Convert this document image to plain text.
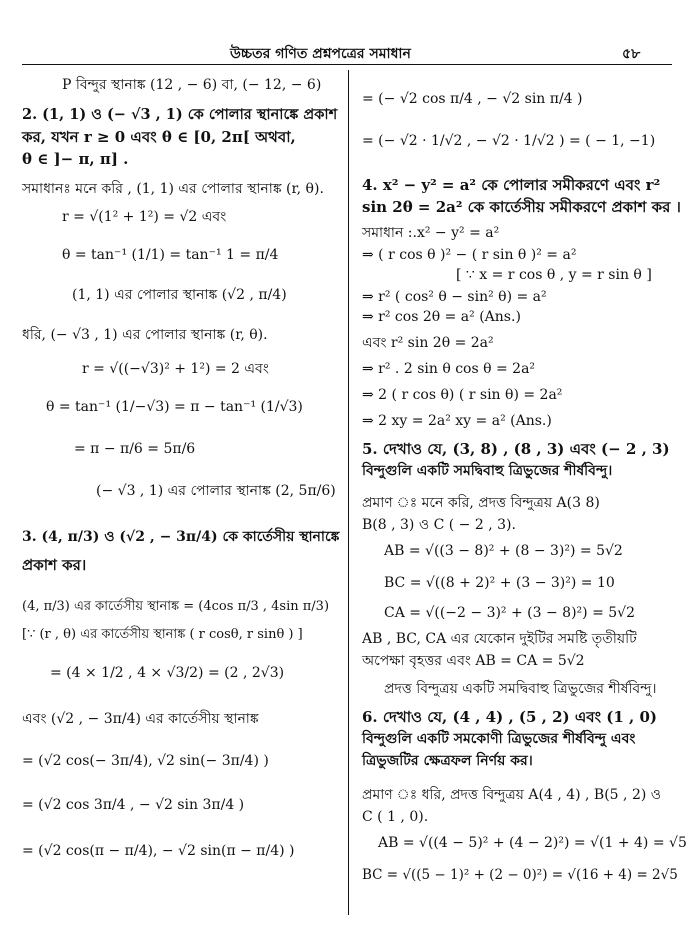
উচ্চতর গণিত প্রশ্নপত্রের সমাধান	৫৮
P বিন্দুর স্থানাঙ্ক (12 , − 6) বা, (− 12, − 6)
2. (1, 1) ও (− √3 , 1) কে পোলার স্থানাঙ্কে প্রকাশ
কর, যখন r ≥ 0 এবং θ ∈ [0, 2π[ অথবা,
θ ∈ ]− π, π] .
সমাধানঃ মনে করি , (1, 1) এর পোলার স্থানাঙ্ক (r, θ).
r = √(1² + 1²) = √2 এবং
θ = tan⁻¹ (1/1) = tan⁻¹ 1 = π/4
(1, 1) এর পোলার স্থানাঙ্ক (√2 , π/4)
ধরি, (− √3 , 1) এর পোলার স্থানাঙ্ক (r, θ).
r = √((−√3)² + 1²) = 2 এবং
θ = tan⁻¹ (1/−√3) = π − tan⁻¹ (1/√3)
= π − π/6 = 5π/6
(− √3 , 1) এর পোলার স্থানাঙ্ক (2, 5π/6)
3. (4, π/3) ও (√2 , − 3π/4) কে কার্তেসীয় স্থানাঙ্কে
প্রকাশ কর।
(4, π/3) এর কার্তেসীয় স্থানাঙ্ক = (4cos π/3 , 4sin π/3)
[∵ (r , θ) এর কার্তেসীয় স্থানাঙ্ক ( r cosθ, r sinθ ) ]
= (4 × 1/2 , 4 × √3/2) = (2 , 2√3)
এবং (√2 , − 3π/4) এর কার্তেসীয় স্থানাঙ্ক
= (√2 cos(− 3π/4), √2 sin(− 3π/4) )
= (√2 cos 3π/4 , − √2 sin 3π/4 )
= (√2 cos(π − π/4), − √2 sin(π − π/4) )
= (− √2 cos π/4 , − √2 sin π/4 )
= (− √2 · 1/√2 , − √2 · 1/√2 ) = ( − 1, −1)
4. x² − y² = a² কে পোলার সমীকরণে এবং r²
sin 2θ = 2a² কে কার্তেসীয় সমীকরণে প্রকাশ কর ।
সমাধান :.x² − y² = a²
⇒ ( r cos θ )² − ( r sin θ )² = a²
[ ∵ x = r cos θ , y = r sin θ ]
⇒ r² ( cos² θ − sin² θ) = a²
⇒ r² cos 2θ = a² (Ans.)
এবং r² sin 2θ = 2a²
⇒ r² . 2 sin θ cos θ = 2a²
⇒ 2 ( r cos θ) ( r sin θ) = 2a²
⇒ 2 xy = 2a² xy = a² (Ans.)
5. দেখাও যে, (3, 8) , (8 , 3) এবং (− 2 , 3)
বিন্দুগুলি একটি সমদ্বিবাহু ত্রিভুজের শীর্ষবিন্দু।
প্রমাণ ঃ মনে করি, প্রদত্ত বিন্দুত্রয় A(3 8)
B(8 , 3) ও C ( − 2 , 3).
AB = √((3 − 8)² + (8 − 3)²) = 5√2
BC = √((8 + 2)² + (3 − 3)²) = 10
CA = √((−2 − 3)² + (3 − 8)²) = 5√2
AB , BC, CA এর যেকোন দুইটির সমষ্টি তৃতীয়টি
অপেক্ষা বৃহত্তর এবং AB = CA = 5√2
প্রদত্ত বিন্দুত্রয় একটি সমদ্বিবাহু ত্রিভুজের শীর্ষবিন্দু।
6. দেখাও যে, (4 , 4) , (5 , 2) এবং (1 , 0)
বিন্দুগুলি একটি সমকোণী ত্রিভুজের শীর্ষবিন্দু এবং
ত্রিভুজটির ক্ষেত্রফল নির্ণয় কর।
প্রমাণ ঃ ধরি, প্রদত্ত বিন্দুত্রয় A(4 , 4) , B(5 , 2) ও
C ( 1 , 0).
AB = √((4 − 5)² + (4 − 2)²) = √(1 + 4) = √5
BC = √((5 − 1)² + (2 − 0)²) = √(16 + 4) = 2√5
